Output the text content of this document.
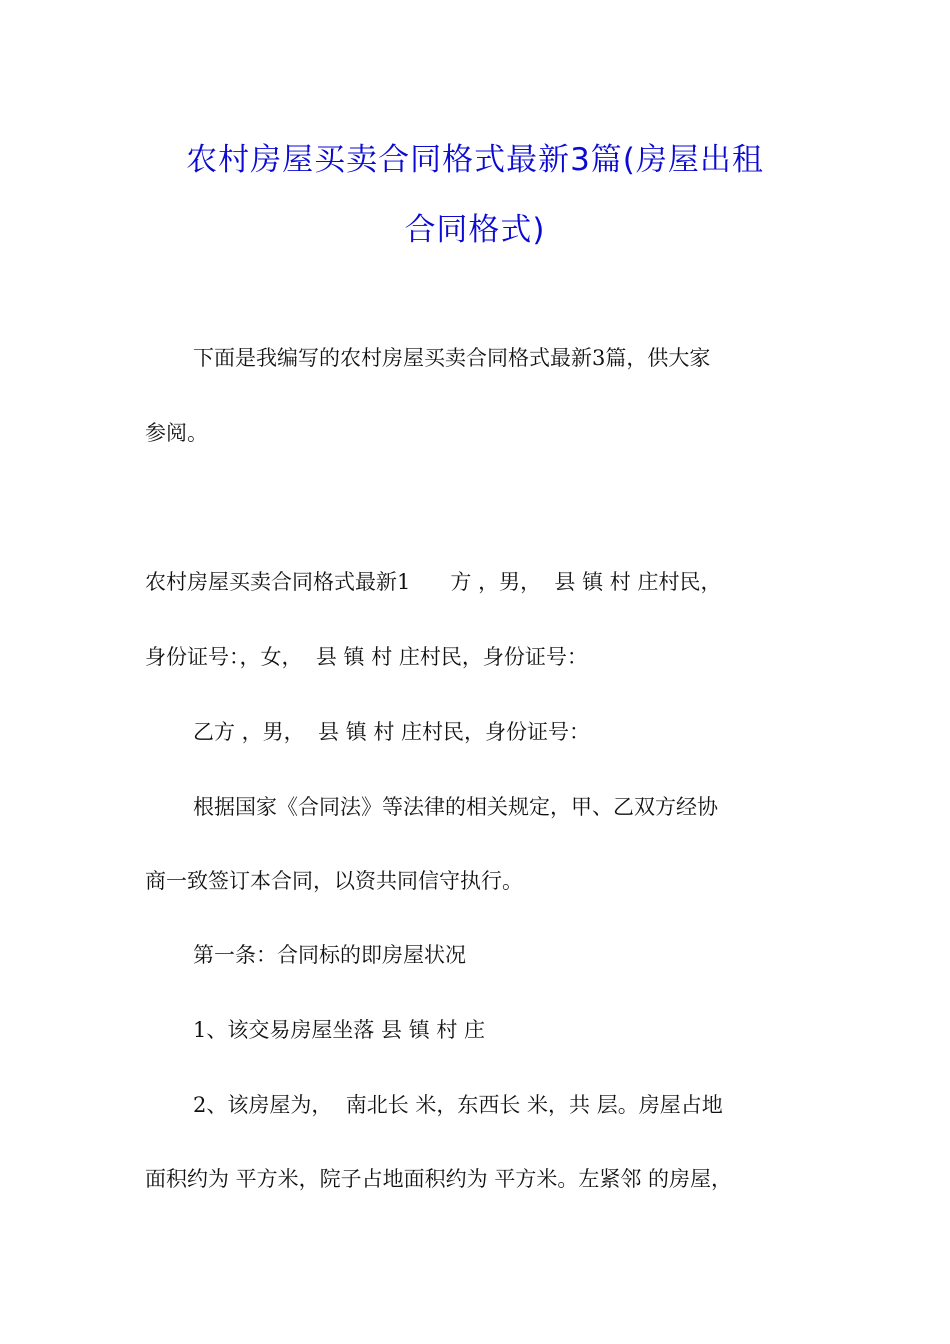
农村房屋买卖合同格式最新3篇(房屋出租
合同格式)

下面是我编写的农村房屋买卖合同格式最新3篇，供大家

参阅。

农村房屋买卖合同格式最新1      方 ，男，  县 镇 村 庄村民，

身份证号：，女，  县 镇 村 庄村民，身份证号：

乙方 ，男，  县 镇 村 庄村民，身份证号：

根据国家《合同法》等法律的相关规定，甲、乙双方经协

商一致签订本合同，以资共同信守执行。

第一条：合同标的即房屋状况

1、该交易房屋坐落 县 镇 村 庄

2、该房屋为，  南北长 米，东西长 米，共 层。房屋占地

面积约为 平方米，院子占地面积约为 平方米。左紧邻 的房屋，
